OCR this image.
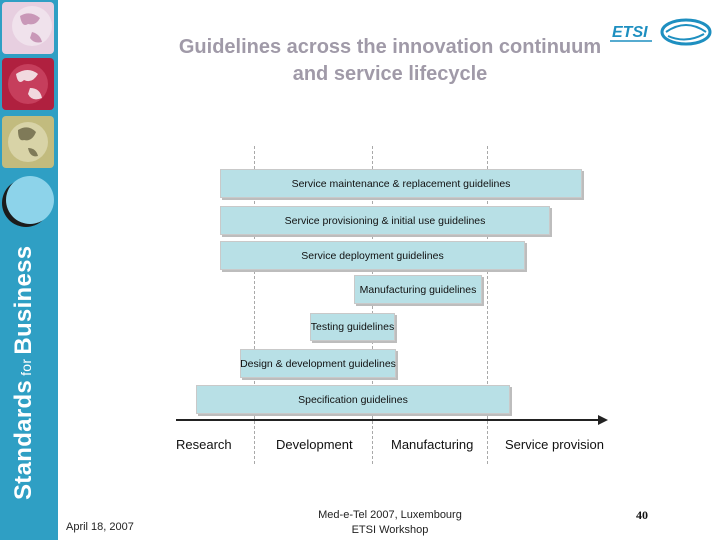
StandardsforBusiness
Guidelines across the innovation continuum
and service lifecycle
ETSI
Service maintenance & replacement guidelines
Service provisioning & initial use guidelines
Service deployment guidelines
Manufacturing guidelines
Testing guidelines
Design & development guidelines
Specification guidelines
Research	Development	Manufacturing Service provision
April 18, 2007
Med-e-Tel 2007, Luxembourg
ETSI Workshop
40
